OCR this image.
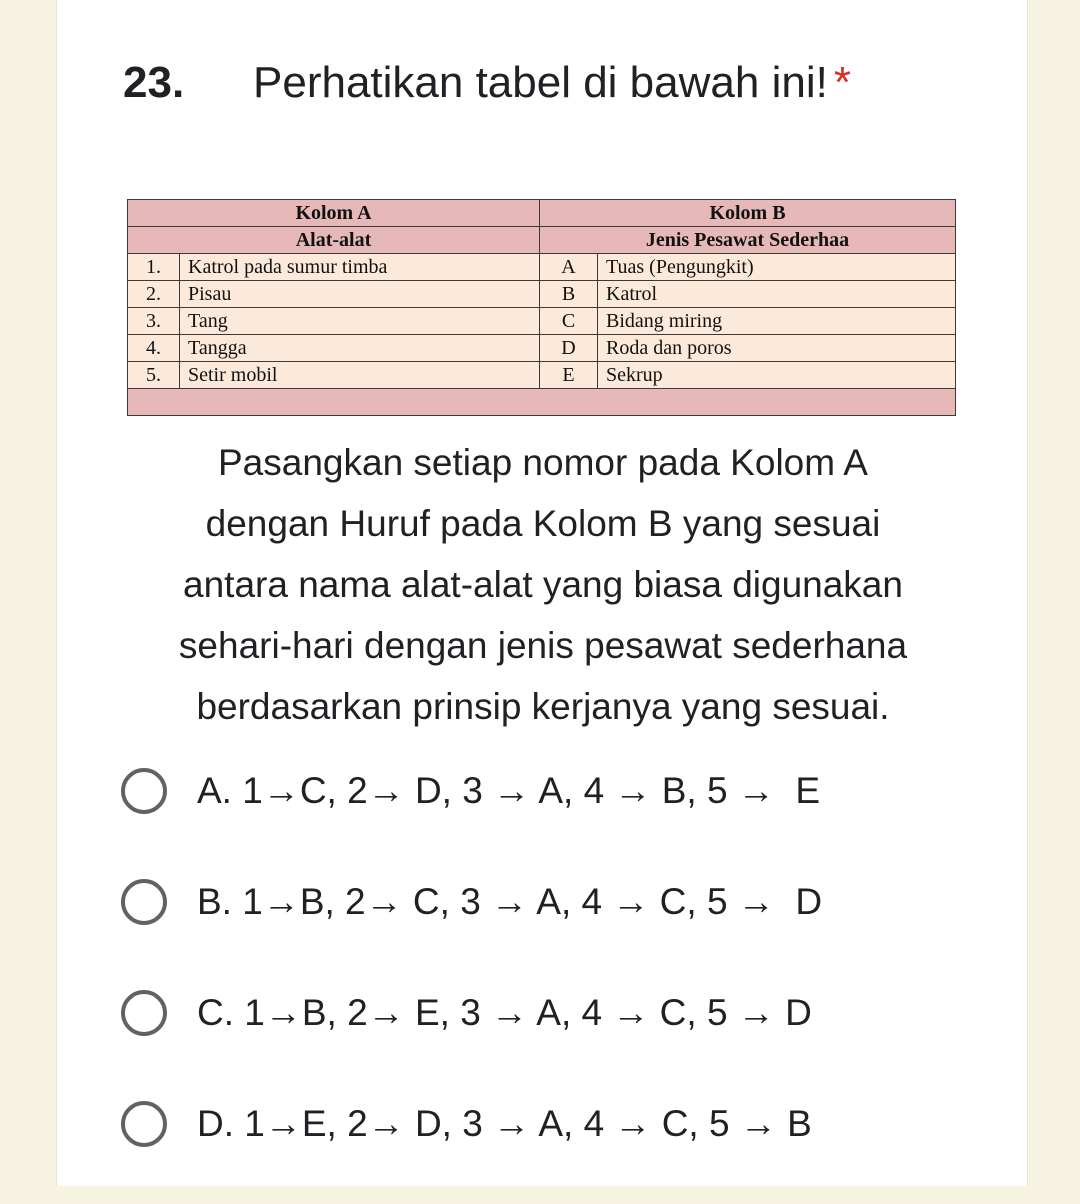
23. Perhatikan tabel di bawah ini! *
Kolom A		Kolom B	
Alat-alat		Jenis Pesawat Sederhaa	
1.	Katrol pada sumur timba	A	Tuas (Pengungkit)
2.	Pisau	B	Katrol
3.	Tang	C	Bidang miring
4.	Tangga	D	Roda dan poros
5.	Setir mobil	E	Sekrup

Pasangkan setiap nomor pada Kolom A
dengan Huruf pada Kolom B yang sesuai
antara nama alat-alat yang biasa digunakan
sehari-hari dengan jenis pesawat sederhana
berdasarkan prinsip kerjanya yang sesuai.
A. 1→C, 2→ D, 3 → A, 4 → B, 5 →  E
B. 1→B, 2→ C, 3 → A, 4 → C, 5 →  D
C. 1→B, 2→ E, 3 → A, 4 → C, 5 → D
D. 1→E, 2→ D, 3 → A, 4 → C, 5 → B
